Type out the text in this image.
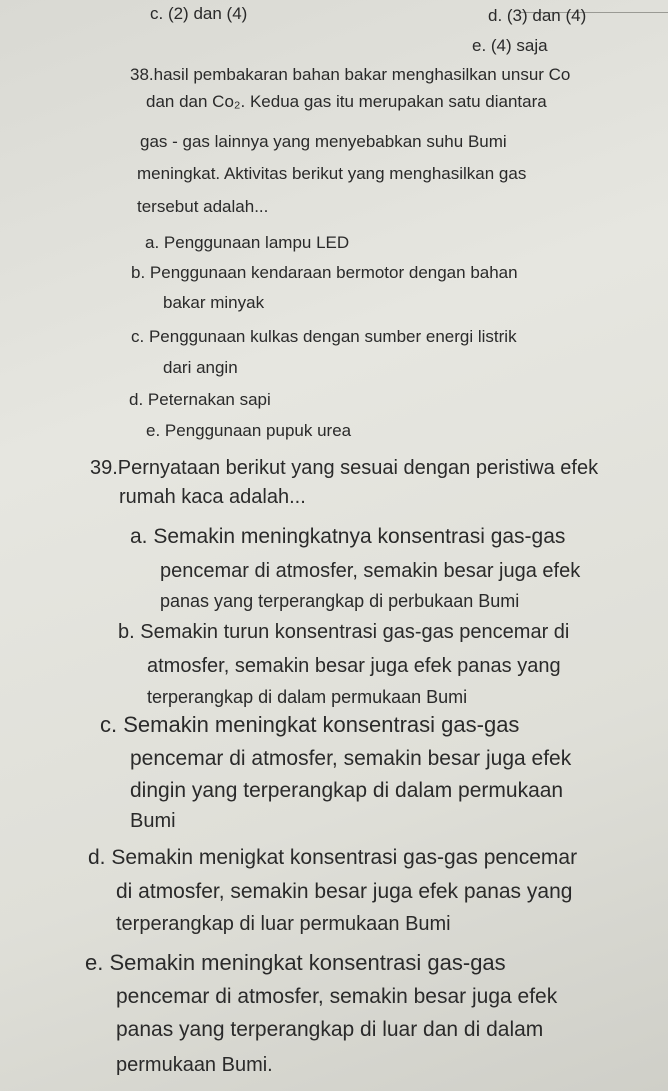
c. (2) dan (4)	d. (3) dan (4)
e. (4) saja
38.hasil pembakaran bahan bakar menghasilkan unsur Co
dan dan Co₂. Kedua gas itu merupakan satu diantara
gas - gas lainnya yang menyebabkan suhu Bumi
meningkat. Aktivitas berikut yang menghasilkan gas
tersebut adalah...
a. Penggunaan lampu LED
b. Penggunaan kendaraan bermotor dengan bahan
bakar minyak
c. Penggunaan kulkas dengan sumber energi listrik
dari angin
d. Peternakan sapi
e. Penggunaan pupuk urea
39.Pernyataan berikut yang sesuai dengan peristiwa efek
rumah kaca adalah...
a. Semakin meningkatnya konsentrasi gas-gas
pencemar di atmosfer, semakin besar juga efek
panas yang terperangkap di perbukaan Bumi
b. Semakin turun konsentrasi gas-gas pencemar di
atmosfer, semakin besar juga efek panas yang
terperangkap di dalam permukaan Bumi
c. Semakin meningkat konsentrasi gas-gas
pencemar di atmosfer, semakin besar juga efek
dingin yang terperangkap di dalam permukaan
Bumi
d. Semakin menigkat konsentrasi gas-gas pencemar
di atmosfer, semakin besar juga efek panas yang
terperangkap di luar permukaan Bumi
e. Semakin meningkat konsentrasi gas-gas
pencemar di atmosfer, semakin besar juga efek
panas yang terperangkap di luar dan di dalam
permukaan Bumi.
